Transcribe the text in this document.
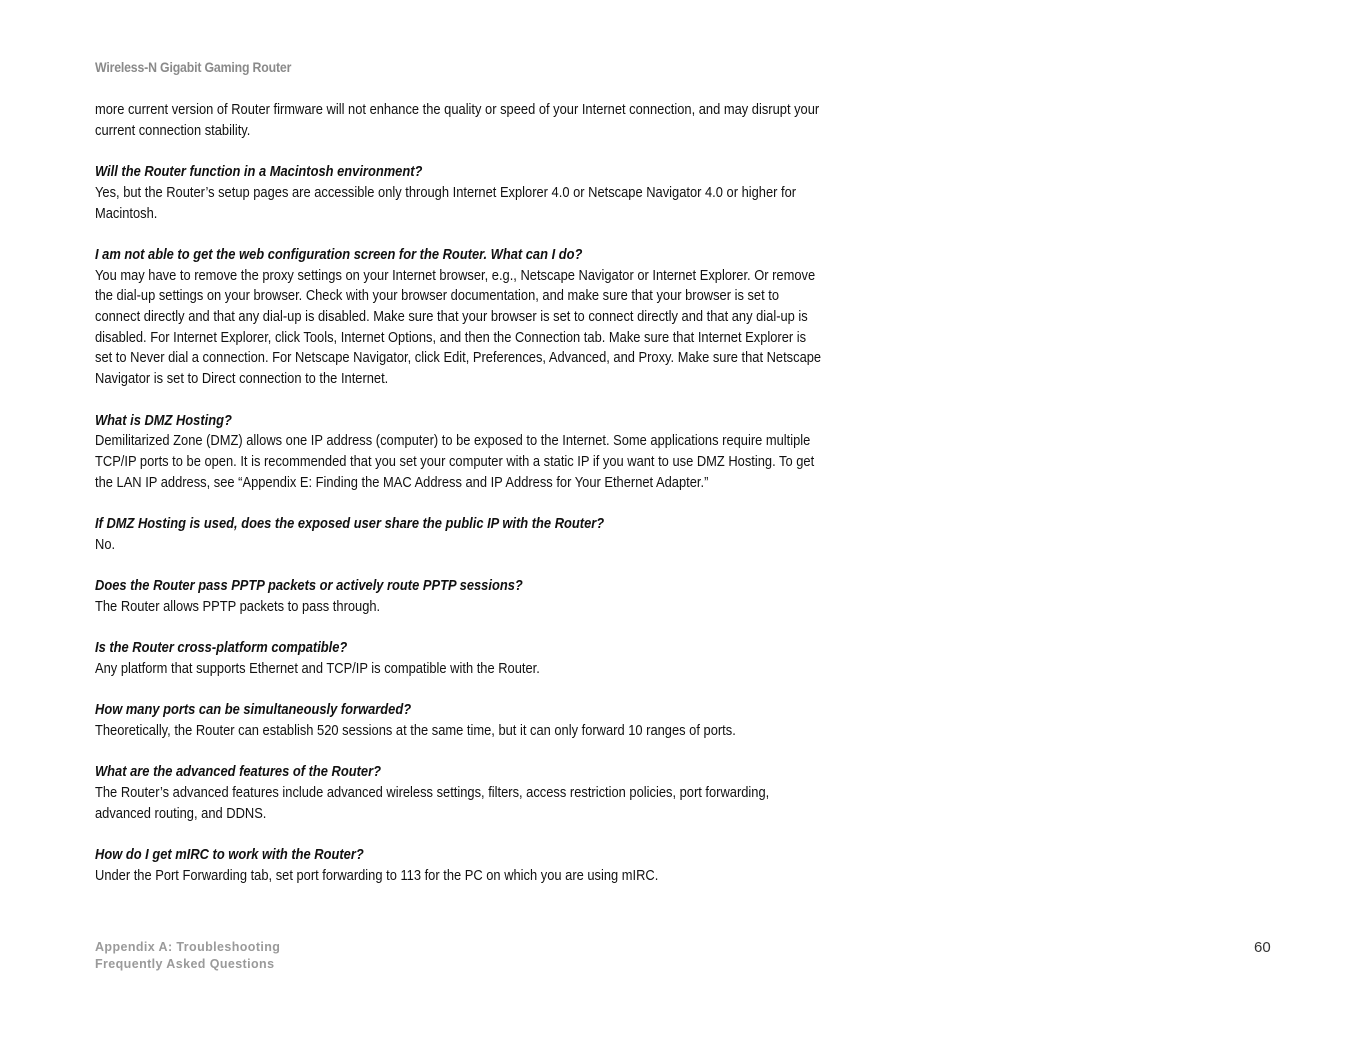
Wireless-N Gigabit Gaming Router

more current version of Router firmware will not enhance the quality or speed of your Internet connection, and may disrupt your current connection stability.

Will the Router function in a Macintosh environment?

Yes, but the Router’s setup pages are accessible only through Internet Explorer 4.0 or Netscape Navigator 4.0 or higher for Macintosh.

I am not able to get the web configuration screen for the Router. What can I do?

You may have to remove the proxy settings on your Internet browser, e.g., Netscape Navigator or Internet Explorer. Or remove the dial-up settings on your browser. Check with your browser documentation, and make sure that your browser is set to connect directly and that any dial-up is disabled. Make sure that your browser is set to connect directly and that any dial-up is disabled. For Internet Explorer, click Tools, Internet Options, and then the Connection tab. Make sure that Internet Explorer is set to Never dial a connection. For Netscape Navigator, click Edit, Preferences, Advanced, and Proxy. Make sure that Netscape Navigator is set to Direct connection to the Internet.

What is DMZ Hosting?

Demilitarized Zone (DMZ) allows one IP address (computer) to be exposed to the Internet. Some applications require multiple TCP/IP ports to be open. It is recommended that you set your computer with a static IP if you want to use DMZ Hosting. To get the LAN IP address, see “Appendix E: Finding the MAC Address and IP Address for Your Ethernet Adapter.”

If DMZ Hosting is used, does the exposed user share the public IP with the Router?

No.

Does the Router pass PPTP packets or actively route PPTP sessions?

The Router allows PPTP packets to pass through.

Is the Router cross-platform compatible?

Any platform that supports Ethernet and TCP/IP is compatible with the Router.

How many ports can be simultaneously forwarded?

Theoretically, the Router can establish 520 sessions at the same time, but it can only forward 10 ranges of ports.

What are the advanced features of the Router?

The Router’s advanced features include advanced wireless settings, filters, access restriction policies, port forwarding, advanced routing, and DDNS.

How do I get mIRC to work with the Router?

Under the Port Forwarding tab, set port forwarding to 113 for the PC on which you are using mIRC.

Appendix A: Troubleshooting
Frequently Asked Questions
60
